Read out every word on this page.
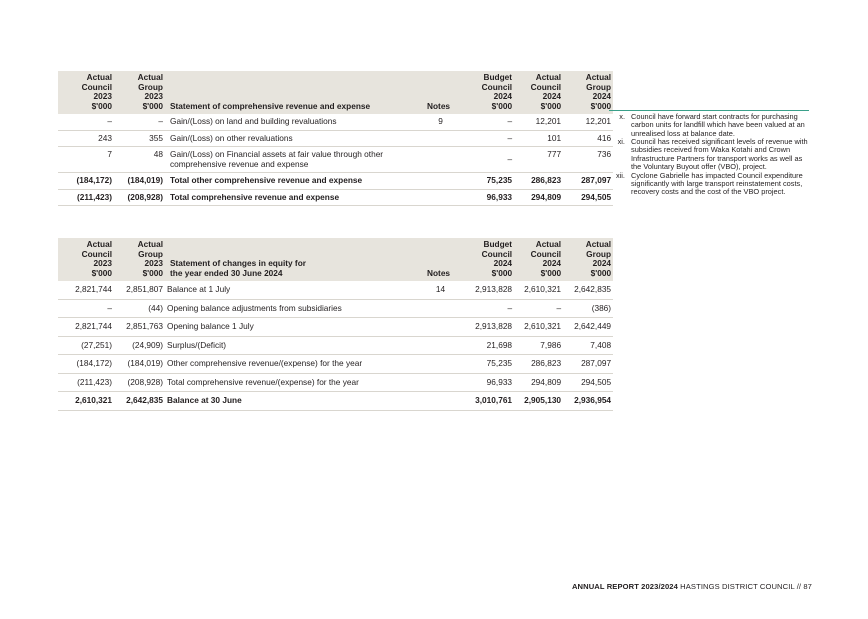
Actual
Council
2023
$'000	Actual
Group
2023
$'000	Statement of comprehensive revenue and expense	Notes	Budget
Council
2024
$'000	Actual
Council
2024
$'000	Actual
Group
2024
$'000
–	–	Gain/(Loss) on land and building revaluations	9	–	12,201	12,201
243	355	Gain/(Loss) on other revaluations		–	101	416
7	48	Gain/(Loss) on Financial assets at fair value through other comprehensive revenue and expense		–	777	736
(184,172)	(184,019)	Total other comprehensive revenue and expense		75,235	286,823	287,097
(211,423)	(208,928)	Total comprehensive revenue and expense		96,933	294,809	294,505
x. Council have forward start contracts for purchasing carbon units for landfill which have been valued at an unrealised loss at balance date.
xi. Council has received significant levels of revenue with subsidies received from Waka Kotahi and Crown Infrastructure Partners for transport works as well as the Voluntary Buyout offer (VBO), project.
xii. Cyclone Gabrielle has impacted Council expenditure significantly with large transport reinstatement costs, recovery costs and the cost of the VBO project.
Actual
Council
2023
$'000	Actual
Group
2023
$'000	Statement of changes in equity for
the year ended 30 June 2024	Notes	Budget
Council
2024
$'000	Actual
Council
2024
$'000	Actual
Group
2024
$'000
2,821,744	2,851,807	Balance at 1 July	14	2,913,828	2,610,321	2,642,835
–	(44)	Opening balance adjustments from subsidiaries		–	–	(386)
2,821,744	2,851,763	Opening balance 1 July		2,913,828	2,610,321	2,642,449
(27,251)	(24,909)	Surplus/(Deficit)		21,698	7,986	7,408
(184,172)	(184,019)	Other comprehensive revenue/(expense) for the year		75,235	286,823	287,097
(211,423)	(208,928)	Total comprehensive revenue/(expense) for the year		96,933	294,809	294,505
2,610,321	2,642,835	Balance at 30 June		3,010,761	2,905,130	2,936,954
ANNUAL REPORT 2023/2024 HASTINGS DISTRICT COUNCIL // 87
